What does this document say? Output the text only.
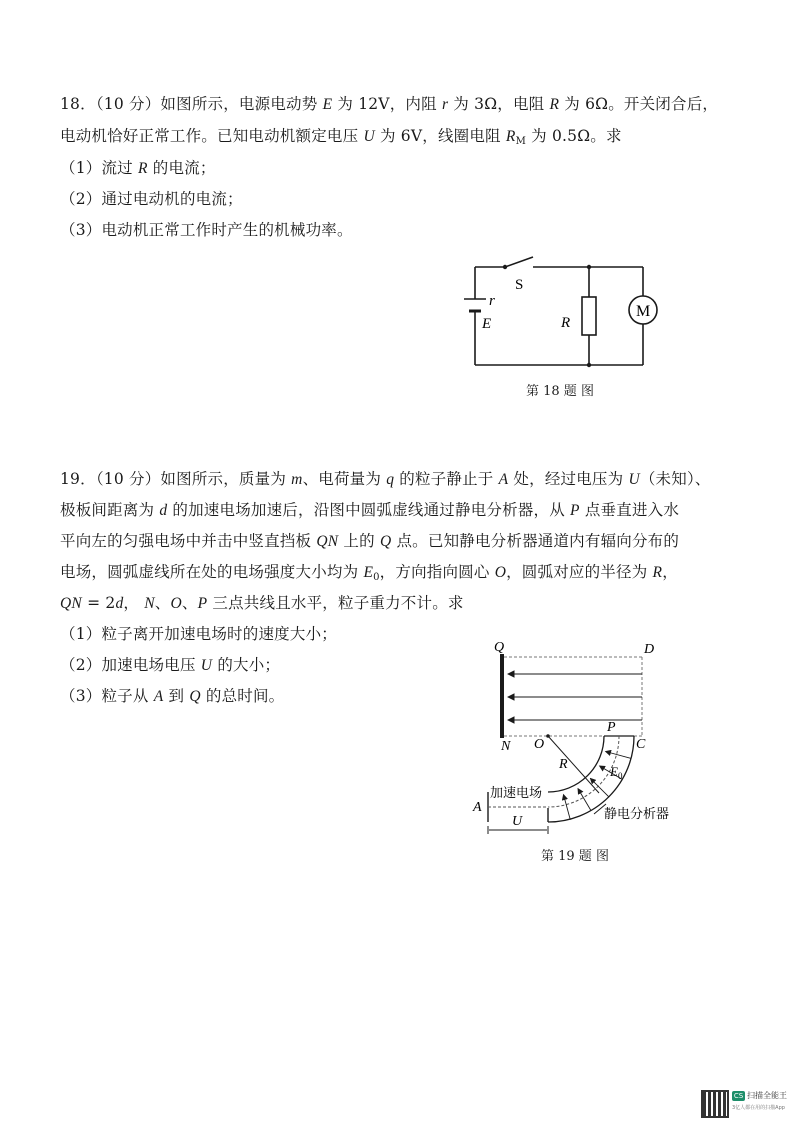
18．（10 分）如图所示，电源电动势 E 为 12V，内阻 r 为 3Ω，电阻 R 为 6Ω。开关闭合后，
电动机恰好正常工作。已知电动机额定电压 U 为 6V，线圈电阻 $R_M$ 为 0.5Ω。求
（1）流过 R 的电流；
（2）通过电动机的电流；
（3）电动机正常工作时产生的机械功率。
S
r
E	R
M
第 18 题 图
19．（10 分）如图所示，质量为 m、电荷量为 q 的粒子静止于 A 处，经过电压为 U（未知）、
极板间距离为 d 的加速电场加速后，沿图中圆弧虚线通过静电分析器，从 P 点垂直进入水
平向左的匀强电场中并击中竖直挡板 QN 上的 Q 点。已知静电分析器通道内有辐向分布的
电场，圆弧虚线所在处的电场强度大小均为 $E_0$，方向指向圆心 O，圆弧对应的半径为 R，
QN = 2d， N、O、P 三点共线且水平，粒子重力不计。求
（1）粒子离开加速电场时的速度大小；
（2）加速电场电压 U 的大小；
（3）粒子从 A 到 Q 的总时间。
Q	D
N O
P
C
R	$E_0$
A
U
加速电场
静电分析器
第 19 题 图
CS 扫描全能王
3亿人都在用的扫描App
